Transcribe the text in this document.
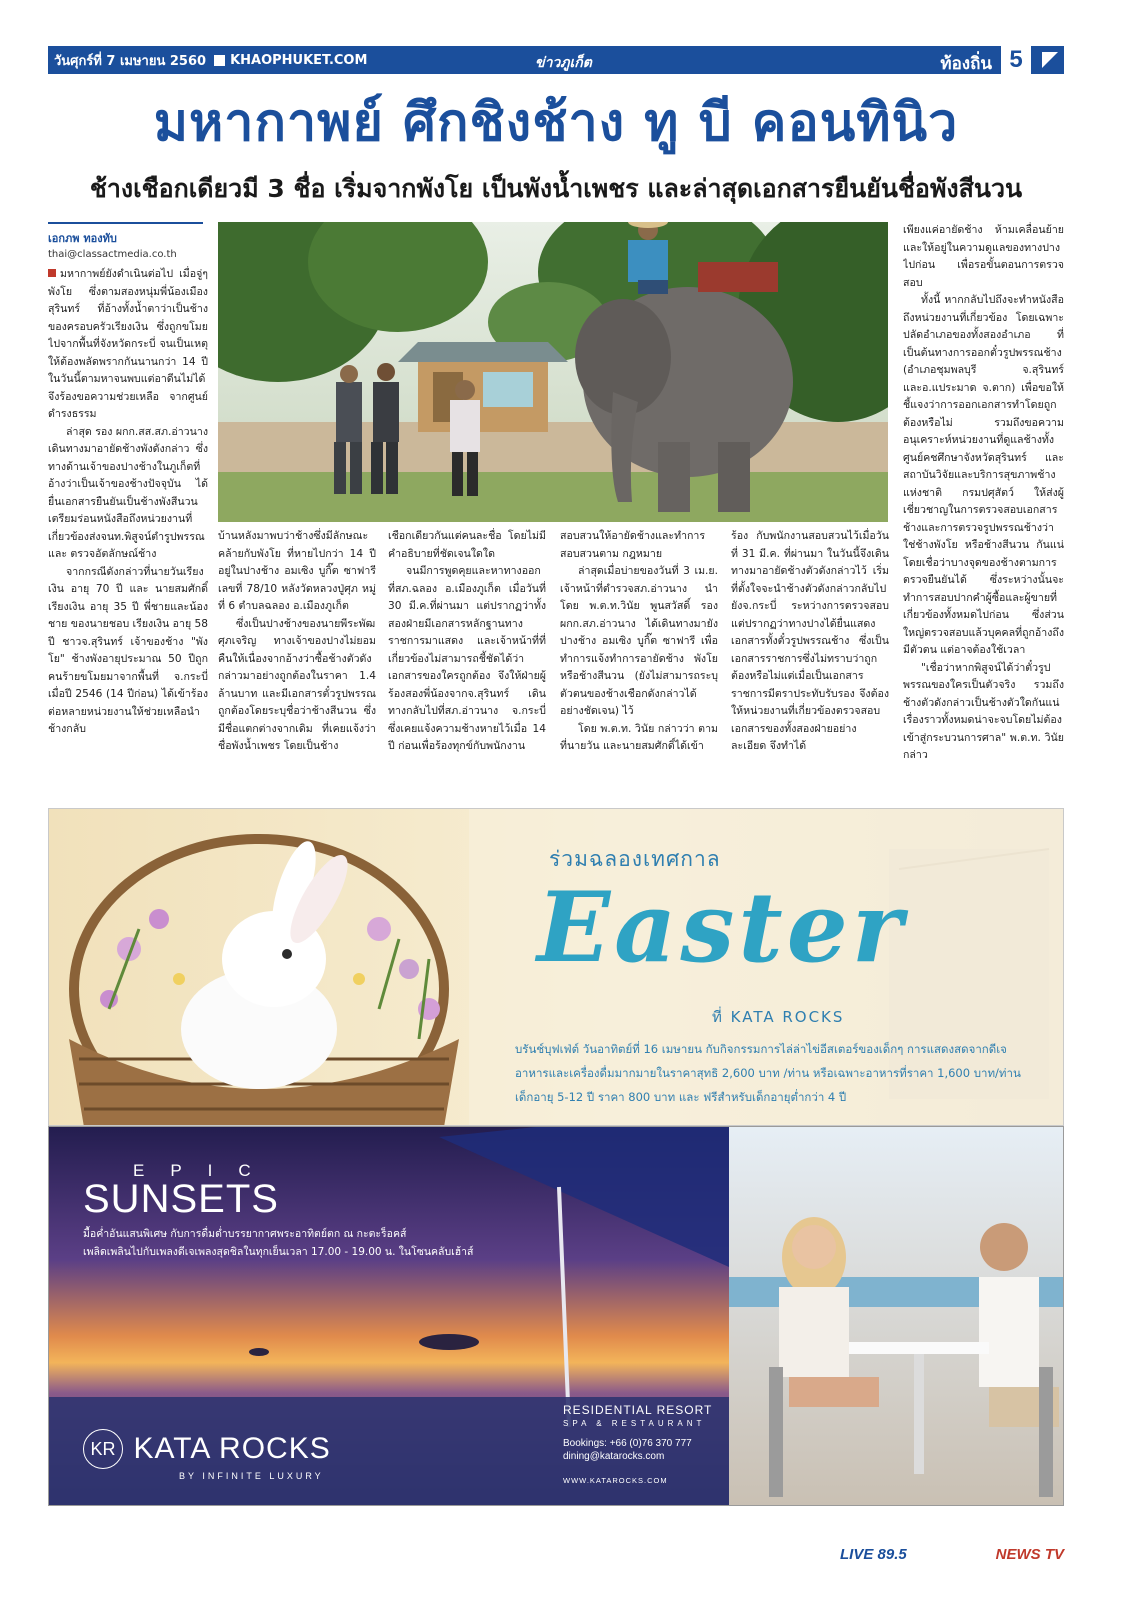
วันศุกร์ที่ 7 เมษายน 2560 KHAOPHUKET.COM	ข่าวภูเก็ต	ท้องถิ่น 5
มหากาพย์ ศึกชิงช้าง ทู บี คอนทินิว
ช้างเชือกเดียวมี 3 ชื่อ เริ่มจากพังโย เป็นพังน้ำเพชร และล่าสุดเอกสารยืนยันชื่อพังสีนวน
เอกภพ ทองทับ
thai@classactmedia.co.th

มหากาพย์ยังดำเนินต่อไป เมื่อจู่ๆพังโย ซึ่งตามสองหนุ่มพี่น้องเมืองสุรินทร์ ที่อ้างทั้งน้ำตาว่าเป็นช้างของครอบครัวเรียงเงิน ซึ่งถูกขโมยไปจากพื้นที่จังหวัดกระบี่ จนเป็นเหตุให้ต้องพลัดพรากกันนานกว่า 14 ปี ในวันนี้ตามหาจนพบแต่อาดีนไม่ได้ จึงร้องขอความช่วยเหลือ จากศูนย์ดำรงธรรม

ล่าสุด รอง ผกก.สส.สภ.อ่าวนาง เดินทางมาอายัดช้างพังดังกล่าว ซึ่งทางด้านเจ้าของปางช้างในภูเก็ตที่อ้างว่าเป็นเจ้าของช้างปัจจุบัน ได้ยื่นเอกสารยืนยันเป็นช้างพังสีนวน เตรียมร่อนหนังสือถึงหน่วยงานที่เกี่ยวข้องส่งจนท.พิสูจน์ตำรูปพรรณและ ตรวจอัตลักษณ์ช้าง

จากกรณีดังกล่าวที่นายวันเรียงเงิน อายุ 70 ปี และ นายสมศักดิ์ เรียงเงิน อายุ 35 ปี พี่ชายและน้องชาย ของนายชอบ เรียงเงิน อายุ 58 ปี ชาวจ.สุรินทร์ เจ้าของช้าง "พังโย" ช้างพังอายุประมาณ 50 ปีถูกคนร้ายขโมยมาจากพื้นที่ จ.กระบี่ เมื่อปี 2546 (14 ปีก่อน) ได้เข้าร้องต่อหลายหน่วยงานให้ช่วยเหลือนำช้างกลับ

บ้านหลังมาพบว่าช้างซึ่งมีลักษณะคล้ายกับพังโย ที่หายไปกว่า 14 ปี อยู่ในปางช้าง อมเซิง บูกิ๊ต ซาฟารี เลขที่ 78/10 หลังวัดหลวงปู่ศุภ หมู่ที่ 6 ตำบลฉลอง อ.เมืองภูเก็ต

ซึ่งเป็นปางช้างของนายพีระพัฒ ศุภเจริญ ทางเจ้าของปางไม่ยอมคืนให้เนื่องจากอ้างว่าซื้อช้างตัวดังกล่าวมาอย่างถูกต้องในราคา 1.4 ล้านบาท และมีเอกสารตั๋วรูปพรรณถูกต้องโดยระบุชื่อว่าช้างสีนวน ซึ่งมีชื่อแตกต่างจากเดิม ที่เคยแจ้งว่าชื่อพังน้ำเพชร โดยเป็นช้าง

เชือกเดียวกันแต่คนละชื่อ โดยไม่มีคำอธิบายที่ชัดเจนใดใด

จนมีการพูดคุยและหาทางออกที่สภ.ฉลอง อ.เมืองภูเก็ต เมื่อวันที่ 30 มี.ค.ที่ผ่านมา แต่ปรากฏว่าทั้งสองฝ่ายมีเอกสารหลักฐานทางราชการมาแสดง และเจ้าหน้าที่ที่เกี่ยวข้องไม่สามารถชี้ชัดได้ว่าเอกสารของใครถูกต้อง จึงให้ฝ่ายผู้ร้องสองพี่น้องจากจ.สุรินทร์ เดินทางกลับไปที่สภ.อ่าวนาง จ.กระบี่ ซึ่งเคยแจ้งความช้างหายไว้เมื่อ 14 ปี ก่อนเพื่อร้องทุกข์กับพนักงาน

สอบสวนให้อายัดช้างและทำการสอบสวนตาม กฎหมาย

ล่าสุดเมื่อบ่ายของวันที่ 3 เม.ย. เจ้าหน้าที่ตำรวจสภ.อ่าวนาง นำโดย พ.ต.ท.วินัย พูนสวัสดิ์ รองผกก.สภ.อ่าวนาง ได้เดินทางมายัง ปางช้าง อมเซิง บูกิ๊ต ซาฟารี เพื่อทำการแจ้งทำการอายัดช้าง พังโย หรือช้างสีนวน (ยังไม่สามารถระบุตัวตนของช้างเชือกดังกล่าวได้อย่างชัดเจน) ไว้

โดย พ.ต.ท. วินัย กล่าวว่า ตามที่นายวัน และนายสมศักดิ์ได้เข้า

ร้อง กับพนักงานสอบสวนไว้เมื่อวันที่ 31 มี.ค. ที่ผ่านมา ในวันนี้จึงเดินทางมาอายัดช้างตัวดังกล่าวไว้ เริ่มที่ตั้งใจจะนำช้างตัวดังกล่าวกลับไปยังจ.กระบี่ ระหว่างการตรวจสอบ แต่ปรากฏว่าทางปางได้ยื่นแสดงเอกสารทั้งตั๋วรูปพรรณช้าง ซึ่งเป็นเอกสารราชการซึ่งไม่ทราบว่าถูกต้องหรือไม่แต่เมื่อเป็นเอกสารราชการมีตราประทับรับรอง จึงต้องให้หน่วยงานที่เกี่ยวข้องตรวจสอบเอกสารของทั้งสองฝ่ายอย่างละเอียด จึงทำได้

เพียงแค่อายัดช้าง ห้ามเคลื่อนย้ายและให้อยู่ในความดูแลของทางปางไปก่อน เพื่อรอขั้นตอนการตรวจสอบ

ทั้งนี้ หากกลับไปถึงจะทำหนังสือถึงหน่วยงานที่เกี่ยวข้อง โดยเฉพาะปลัดอำเภอของทั้งสองอำเภอ ที่เป็นต้นทางการออกตั๋วรูปพรรณช้าง (อำเภอชุมพลบุรี จ.สุรินทร์ และอ.แประมาด จ.ตาก) เพื่อขอให้ชี้แจงว่าการออกเอกสารทำโดยถูกต้องหรือไม่ รวมถึงขอความอนุเคราะห์หน่วยงานที่ดูแลช้างทั้งศูนย์คชศึกษาจังหวัดสุรินทร์ และสถาบันวิจัยและบริการสุขภาพช้างแห่งชาติ กรมปศุสัตว์ ให้ส่งผู้เชี่ยวชาญในการตรวจสอบเอกสารช้างและการตรวจรูปพรรณช้างว่าใช่ช้างพังโย หรือช้างสีนวน กันแน่ โดยเชื่อว่าบางจุดของช้างตามการตรวจยืนยันได้ ซึ่งระหว่างนั้นจะทำการสอบปากคำผู้ซื้อและผู้ขายที่เกี่ยวข้องทั้งหมดไปก่อน ซึ่งส่วนใหญ่ตรวจสอบแล้วบุคคลที่ถูกอ้างถึงมีตัวตน แต่อาจต้องใช้เวลา

"เชื่อว่าหากพิสูจน์ได้ว่าตั๋วรูปพรรณของใครเป็นตัวจริง รวมถึงช้างตัวดังกล่าวเป็นช้างตัวใดกันแน่ เรื่องราวทั้งหมดน่าจะจบโดยไม่ต้องเข้าสู่กระบวนการศาล" พ.ต.ท. วินัย กล่าว

ร่วมฉลองเทศกาล
Easter
ที่ KATA ROCKS
บรันช์บุฟเฟ่ต์ วันอาทิตย์ที่ 16 เมษายน กับกิจกรรมการไล่ล่าไข่อีสเตอร์ของเด็กๆ การแสดงสดจากดีเจ
อาหารและเครื่องดื่มมากมายในราคาสุทธิ 2,600 บาท /ท่าน หรือเฉพาะอาหารที่ราคา 1,600 บาท/ท่าน
เด็กอายุ 5-12 ปี ราคา 800 บาท และ ฟรีสำหรับเด็กอายุต่ำกว่า 4 ปี
EPIC
SUNSETS
มื้อค่ำอันแสนพิเศษ กับการดื่มด่ำบรรยากาศพระอาทิตย์ตก ณ กะตะร็อคส์
เพลิดเพลินไปกับเพลงดีเจเพลงสุดชิลในทุกเย็นเวลา 17.00 - 19.00 น. ในโซนคลับเฮ้าส์
KR KATA ROCKS
BY INFINITE LUXURY
RESIDENTIAL RESORT
SPA & RESTAURANT
Bookings: +66 (0)76 370 777
dining@katarocks.com
WWW.KATAROCKS.COM
LIVE 89.5	NEWS TV
